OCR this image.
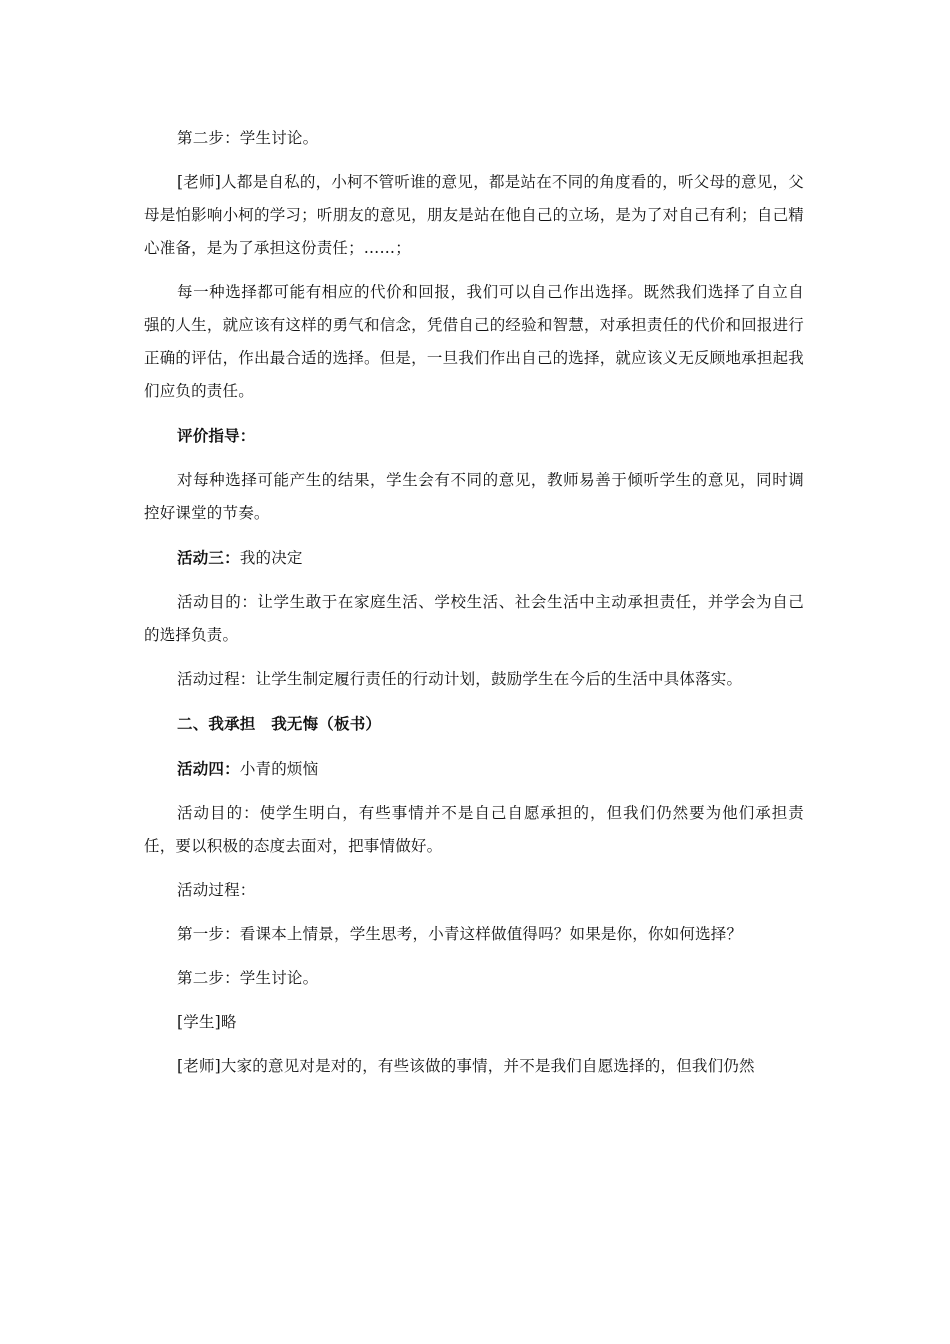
第二步：学生讨论。

[老师]人都是自私的，小柯不管听谁的意见，都是站在不同的角度看的，听父母的意见，父母是怕影响小柯的学习；听朋友的意见，朋友是站在他自己的立场，是为了对自己有利；自己精心准备，是为了承担这份责任；……；

每一种选择都可能有相应的代价和回报，我们可以自己作出选择。既然我们选择了自立自强的人生，就应该有这样的勇气和信念，凭借自己的经验和智慧，对承担责任的代价和回报进行正确的评估，作出最合适的选择。但是，一旦我们作出自己的选择，就应该义无反顾地承担起我们应负的责任。

评价指导：

对每种选择可能产生的结果，学生会有不同的意见，教师易善于倾听学生的意见，同时调控好课堂的节奏。

活动三：我的决定

活动目的：让学生敢于在家庭生活、学校生活、社会生活中主动承担责任，并学会为自己的选择负责。

活动过程：让学生制定履行责任的行动计划，鼓励学生在今后的生活中具体落实。

二、我承担　我无悔（板书）

活动四：小青的烦恼

活动目的：使学生明白，有些事情并不是自己自愿承担的，但我们仍然要为他们承担责任，要以积极的态度去面对，把事情做好。

活动过程：

第一步：看课本上情景，学生思考，小青这样做值得吗？如果是你，你如何选择？

第二步：学生讨论。

[学生]略

[老师]大家的意见对是对的，有些该做的事情，并不是我们自愿选择的，但我们仍然
